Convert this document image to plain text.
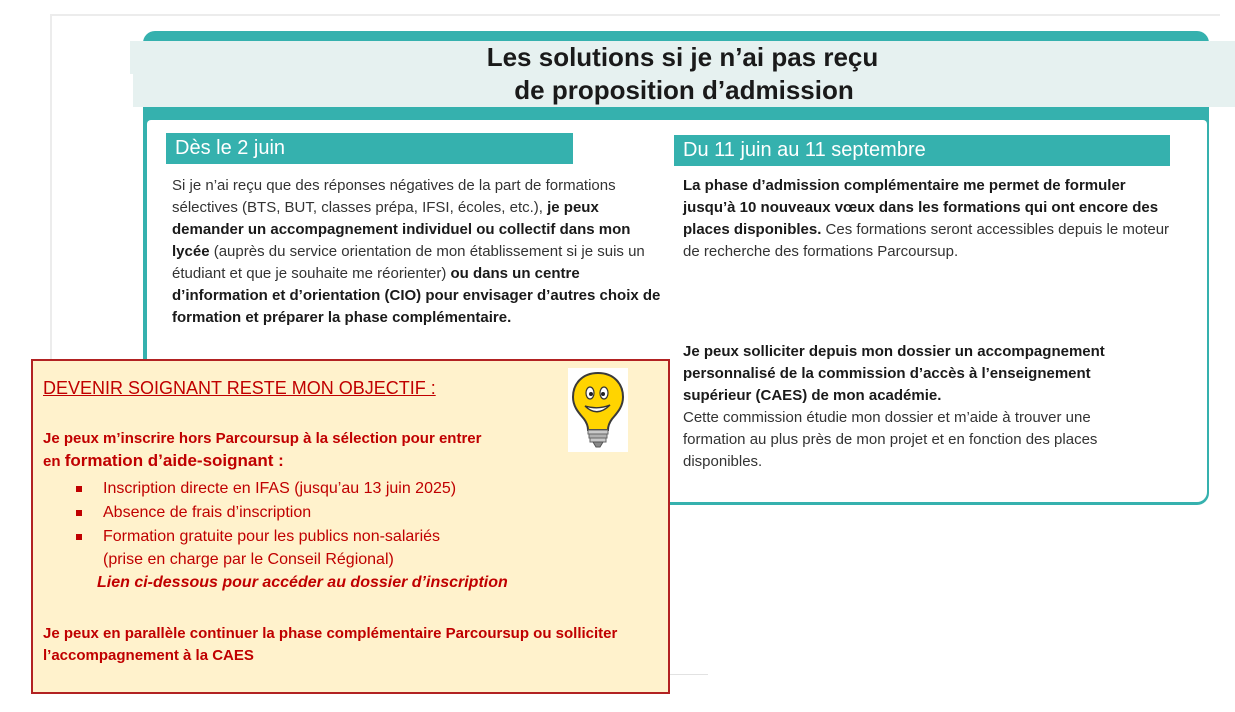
Les solutions si je n’ai pas reçu
de proposition d’admission
Dès le 2 juin	Du 11 juin au 11 septembre

Si je n’ai reçu que des réponses négatives de la part de formations sélectives (BTS, BUT, classes prépa, IFSI, écoles, etc.), je peux demander un accompagnement individuel ou collectif dans mon lycée (auprès du service orientation de mon établissement si je suis un étudiant et que je souhaite me réorienter) ou dans un centre d’information et d’orientation (CIO) pour envisager d’autres choix de formation et préparer la phase complémentaire.

La phase d’admission complémentaire me permet de formuler jusqu’à 10 nouveaux vœux dans les formations qui ont encore des places disponibles. Ces formations seront accessibles depuis le moteur de recherche des formations Parcoursup.

Je peux solliciter depuis mon dossier un accompagnement personnalisé de la commission d’accès à l’enseignement supérieur (CAES) de mon académie.
Cette commission étudie mon dossier et m’aide à trouver une formation au plus près de mon projet et en fonction des places disponibles.

DEVENIR SOIGNANT RESTE MON OBJECTIF :

Je peux m’inscrire hors Parcoursup à la sélection pour entrer
en formation d’aide-soignant :

Inscription directe en IFAS (jusqu’au 13 juin 2025)
Absence de frais d’inscription
Formation gratuite pour les publics non-salariés
(prise en charge par le Conseil Régional)
Lien ci-dessous pour accéder au dossier d’inscription

Je peux en parallèle continuer la phase complémentaire Parcoursup ou solliciter l’accompagnement à la CAES
